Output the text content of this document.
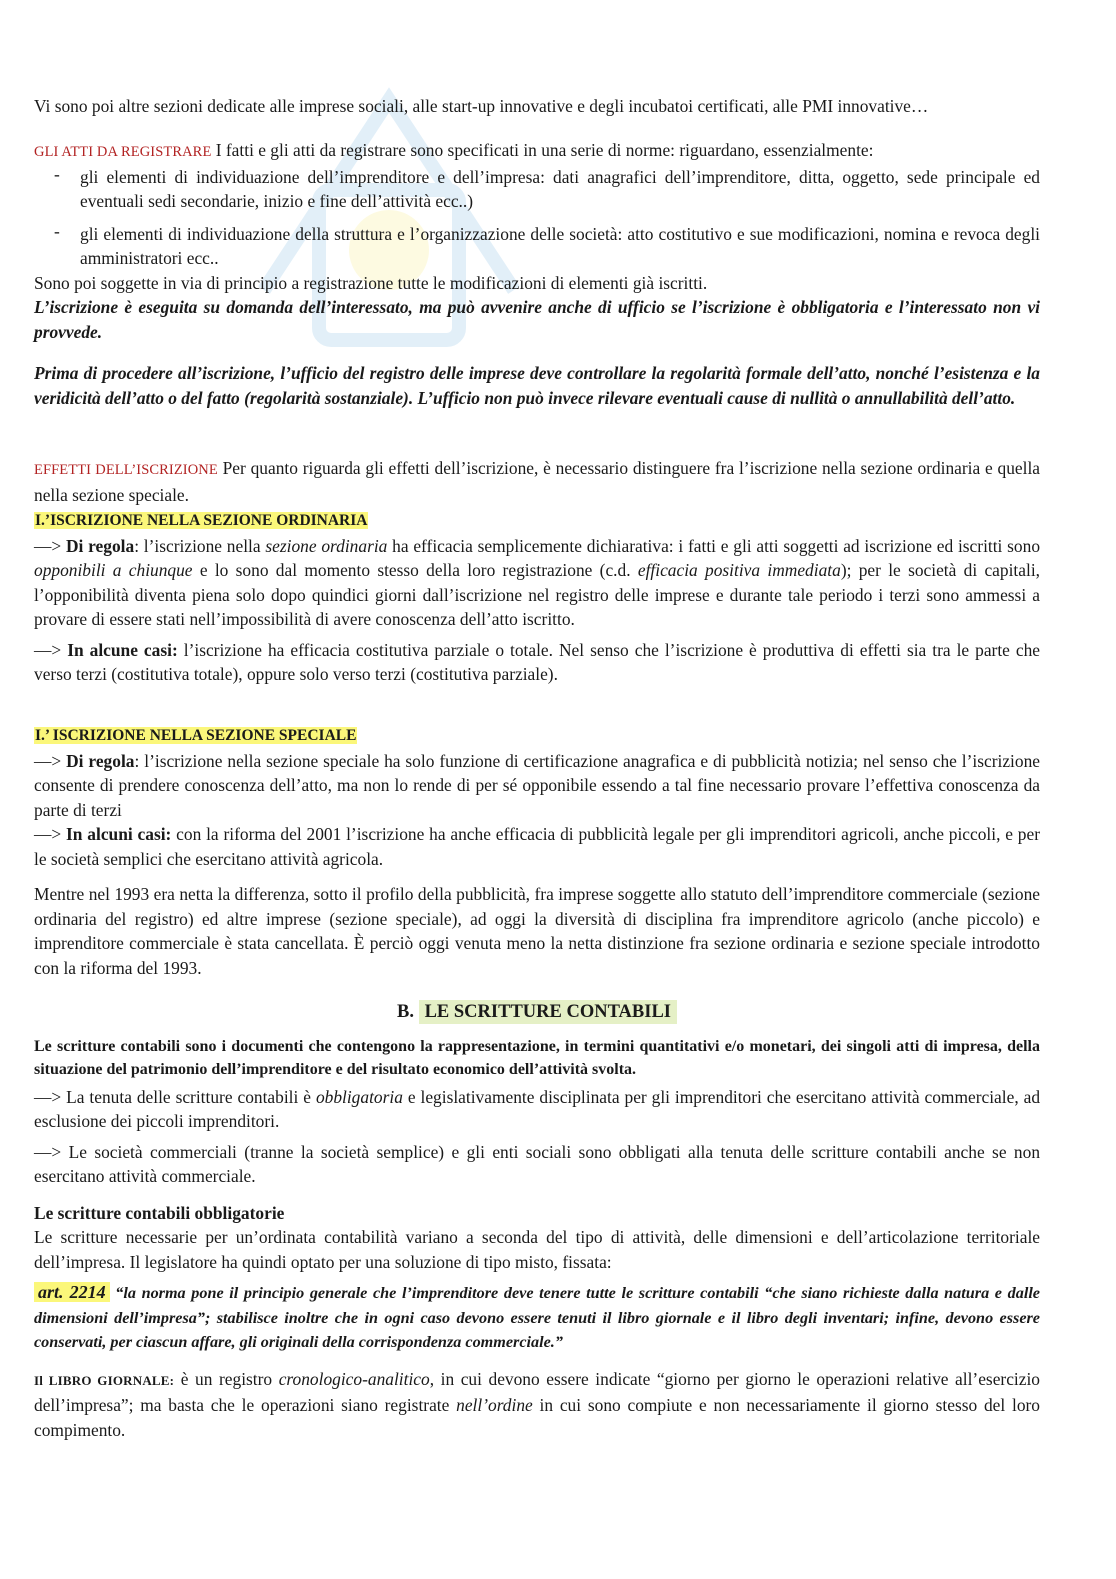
Vi sono poi altre sezioni dedicate alle imprese sociali, alle start-up innovative e degli incubatoi certificati, alle PMI innovative…

GLI ATTI DA REGISTRARE I fatti e gli atti da registrare sono specificati in una serie di norme: riguardano, essenzialmente:

- gli elementi di individuazione dell’imprenditore e dell’impresa: dati anagrafici dell’imprenditore, ditta, oggetto, sede principale ed eventuali sedi secondarie, inizio e fine dell’attività ecc..)
- gli elementi di individuazione della struttura e l’organizzazione delle società: atto costitutivo e sue modificazioni, nomina e revoca degli amministratori ecc..

Sono poi soggette in via di principio a registrazione tutte le modificazioni di elementi già iscritti.

L’iscrizione è eseguita su domanda dell’interessato, ma può avvenire anche di ufficio se l’iscrizione è obbligatoria e l’interessato non vi provvede.

Prima di procedere all’iscrizione, l’ufficio del registro delle imprese deve controllare la regolarità formale dell’atto, nonché l’esistenza e la veridicità dell’atto o del fatto (regolarità sostanziale). L’ufficio non può invece rilevare eventuali cause di nullità o annullabilità dell’atto.

EFFETTI DELL’ISCRIZIONE Per quanto riguarda gli effetti dell’iscrizione, è necessario distinguere fra l’iscrizione nella sezione ordinaria e quella nella sezione speciale.

I.’ISCRIZIONE NELLA SEZIONE ORDINARIA

—> Di regola: l’iscrizione nella sezione ordinaria ha efficacia semplicemente dichiarativa: i fatti e gli atti soggetti ad iscrizione ed iscritti sono opponibili a chiunque e lo sono dal momento stesso della loro registrazione (c.d. efficacia positiva immediata); per le società di capitali, l’opponibilità diventa piena solo dopo quindici giorni dall’iscrizione nel registro delle imprese e durante tale periodo i terzi sono ammessi a provare di essere stati nell’impossibilità di avere conoscenza dell’atto iscritto.

—> In alcune casi: l’iscrizione ha efficacia costitutiva parziale o totale. Nel senso che l’iscrizione è produttiva di effetti sia tra le parte che verso terzi (costitutiva totale), oppure solo verso terzi (costitutiva parziale).

I.’ ISCRIZIONE NELLA SEZIONE SPECIALE

—> Di regola: l’iscrizione nella sezione speciale ha solo funzione di certificazione anagrafica e di pubblicità notizia; nel senso che l’iscrizione consente di prendere conoscenza dell’atto, ma non lo rende di per sé opponibile essendo a tal fine necessario provare l’effettiva conoscenza da parte di terzi

—> In alcuni casi: con la riforma del 2001 l’iscrizione ha anche efficacia di pubblicità legale per gli imprenditori agricoli, anche piccoli, e per le società semplici che esercitano attività agricola.

Mentre nel 1993 era netta la differenza, sotto il profilo della pubblicità, fra imprese soggette allo statuto dell’imprenditore commerciale (sezione ordinaria del registro) ed altre imprese (sezione speciale), ad oggi la diversità di disciplina fra imprenditore agricolo (anche piccolo) e imprenditore commerciale è stata cancellata. È perciò oggi venuta meno la netta distinzione fra sezione ordinaria e sezione speciale introdotto con la riforma del 1993.

B. LE SCRITTURE CONTABILI

Le scritture contabili sono i documenti che contengono la rappresentazione, in termini quantitativi e/o monetari, dei singoli atti di impresa, della situazione del patrimonio dell’imprenditore e del risultato economico dell’attività svolta.

—> La tenuta delle scritture contabili è obbligatoria e legislativamente disciplinata per gli imprenditori che esercitano attività commerciale, ad esclusione dei piccoli imprenditori.

—> Le società commerciali (tranne la società semplice) e gli enti sociali sono obbligati alla tenuta delle scritture contabili anche se non esercitano attività commerciale.

Le scritture contabili obbligatorie

Le scritture necessarie per un’ordinata contabilità variano a seconda del tipo di attività, delle dimensioni e dell’articolazione territoriale dell’impresa. Il legislatore ha quindi optato per una soluzione di tipo misto, fissata:

art. 2214 “la norma pone il principio generale che l’imprenditore deve tenere tutte le scritture contabili “che siano richieste dalla natura e dalle dimensioni dell’impresa”; stabilisce inoltre che in ogni caso devono essere tenuti il libro giornale e il libro degli inventari; infine, devono essere conservati, per ciascun affare, gli originali della corrispondenza commerciale.”

Il LIBRO GIORNALE: è un registro cronologico-analitico, in cui devono essere indicate “giorno per giorno le operazioni relative all’esercizio dell’impresa”; ma basta che le operazioni siano registrate nell’ordine in cui sono compiute e non necessariamente il giorno stesso del loro compimento.
